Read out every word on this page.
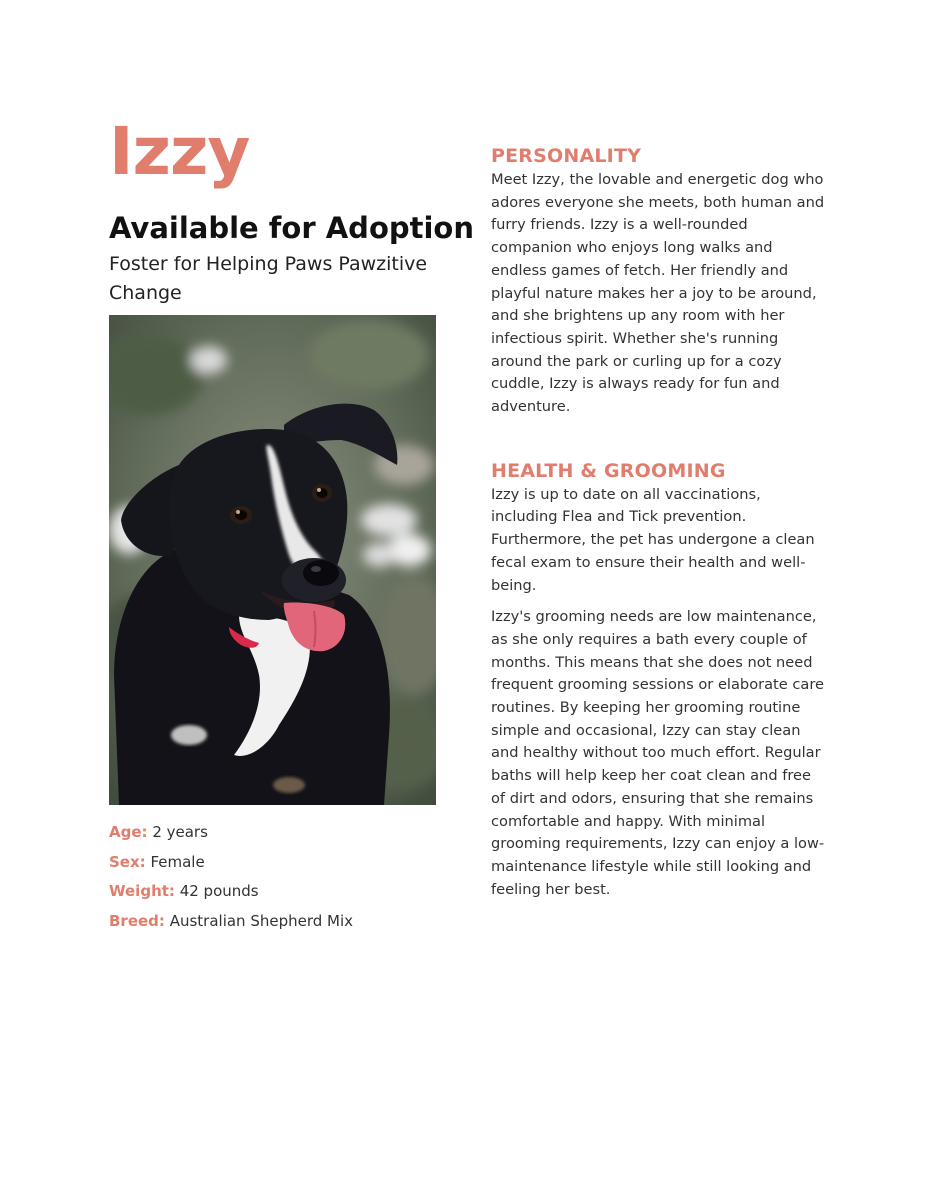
Izzy
Available for Adoption
Foster for Helping Paws Pawzitive Change
Age: 2 years
Sex: Female
Weight: 42 pounds
Breed: Australian Shepherd Mix
PERSONALITY

Meet Izzy, the lovable and energetic dog who adores everyone she meets, both human and furry friends. Izzy is a well-rounded companion who enjoys long walks and endless games of fetch. Her friendly and playful nature makes her a joy to be around, and she brightens up any room with her infectious spirit. Whether she's running around the park or curling up for a cozy cuddle, Izzy is always ready for fun and adventure.

HEALTH & GROOMING

Izzy is up to date on all vaccinations, including Flea and Tick prevention. Furthermore, the pet has undergone a clean fecal exam to ensure their health and well-being.

Izzy's grooming needs are low maintenance, as she only requires a bath every couple of months. This means that she does not need frequent grooming sessions or elaborate care routines. By keeping her grooming routine simple and occasional, Izzy can stay clean and healthy without too much effort. Regular baths will help keep her coat clean and free of dirt and odors, ensuring that she remains comfortable and happy. With minimal grooming requirements, Izzy can enjoy a low-maintenance lifestyle while still looking and feeling her best.
